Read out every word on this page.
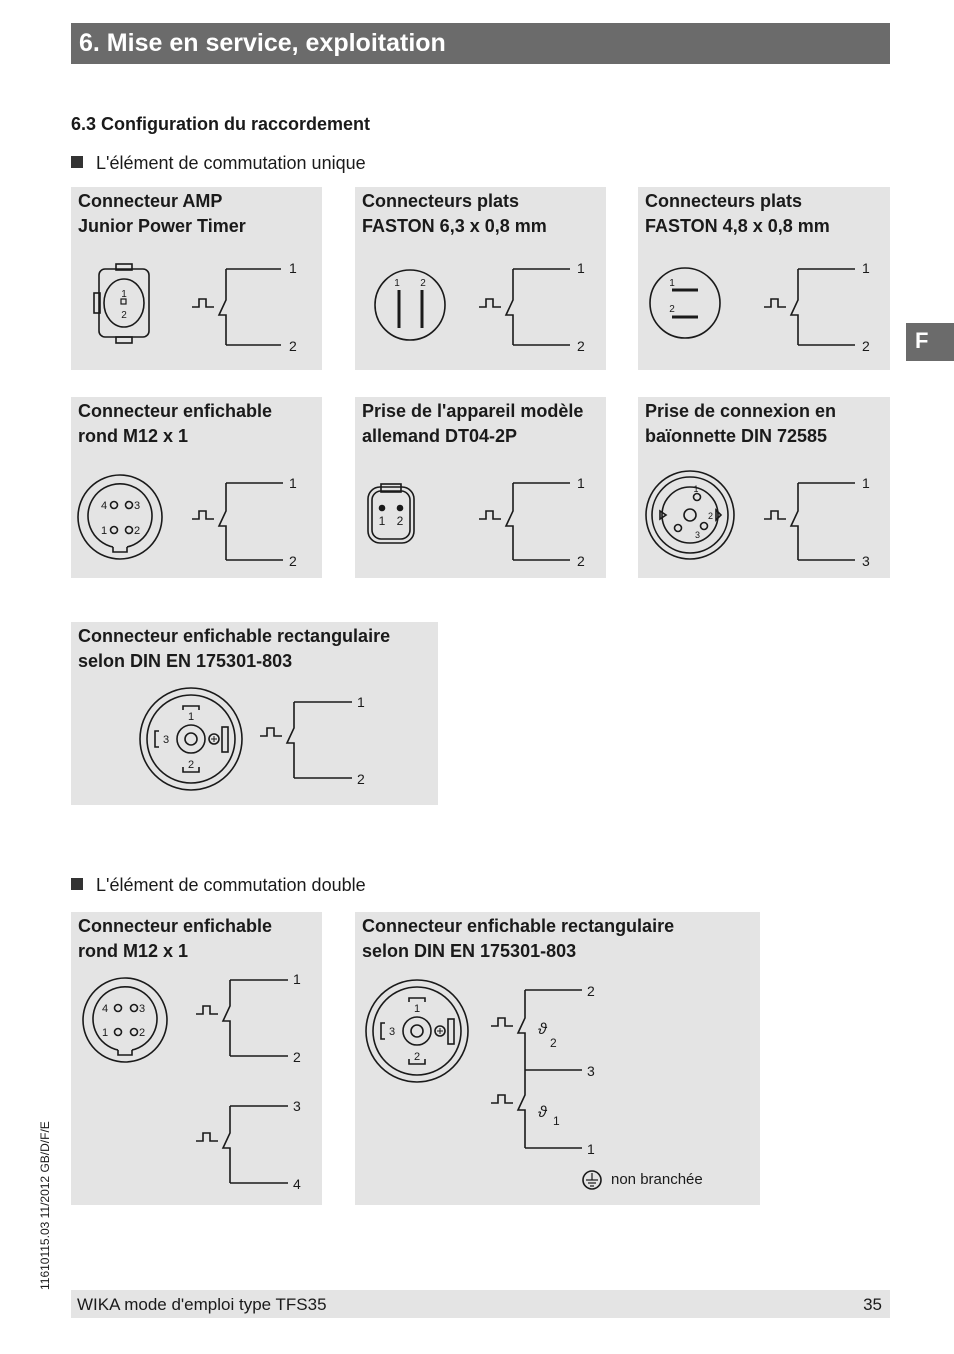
6. Mise en service, exploitation
6.3 Configuration du raccordement
L'élément de commutation unique
Connecteur AMP
Junior Power Timer
1
2
1
2
Connecteurs plats
FASTON 6,3 x 0,8 mm
1 2
1
2
Connecteurs plats
FASTON 4,8 x 0,8 mm
1
2
1
2
Connecteur enfichable
rond M12 x 1
4 3
1 2
1
2
Prise de l'appareil modèle
allemand DT04-2P
1 2
1
2
Prise de connexion en
baïonnette DIN 72585
1
2
3
1
3
Connecteur enfichable rectangulaire
selon DIN EN 175301-803
1
2
3
1
2
L'élément de commutation double
Connecteur enfichable
rond M12 x 1
4	3
1	2
1
2
3
4
Connecteur enfichable rectangulaire
selon DIN EN 175301-803
1
2
3
2
3
1
ϑ
2
ϑ 1
non branchée
F
11610115.03 11/2012 GB/D/F/E
WIKA mode d'emploi type TFS35	35
